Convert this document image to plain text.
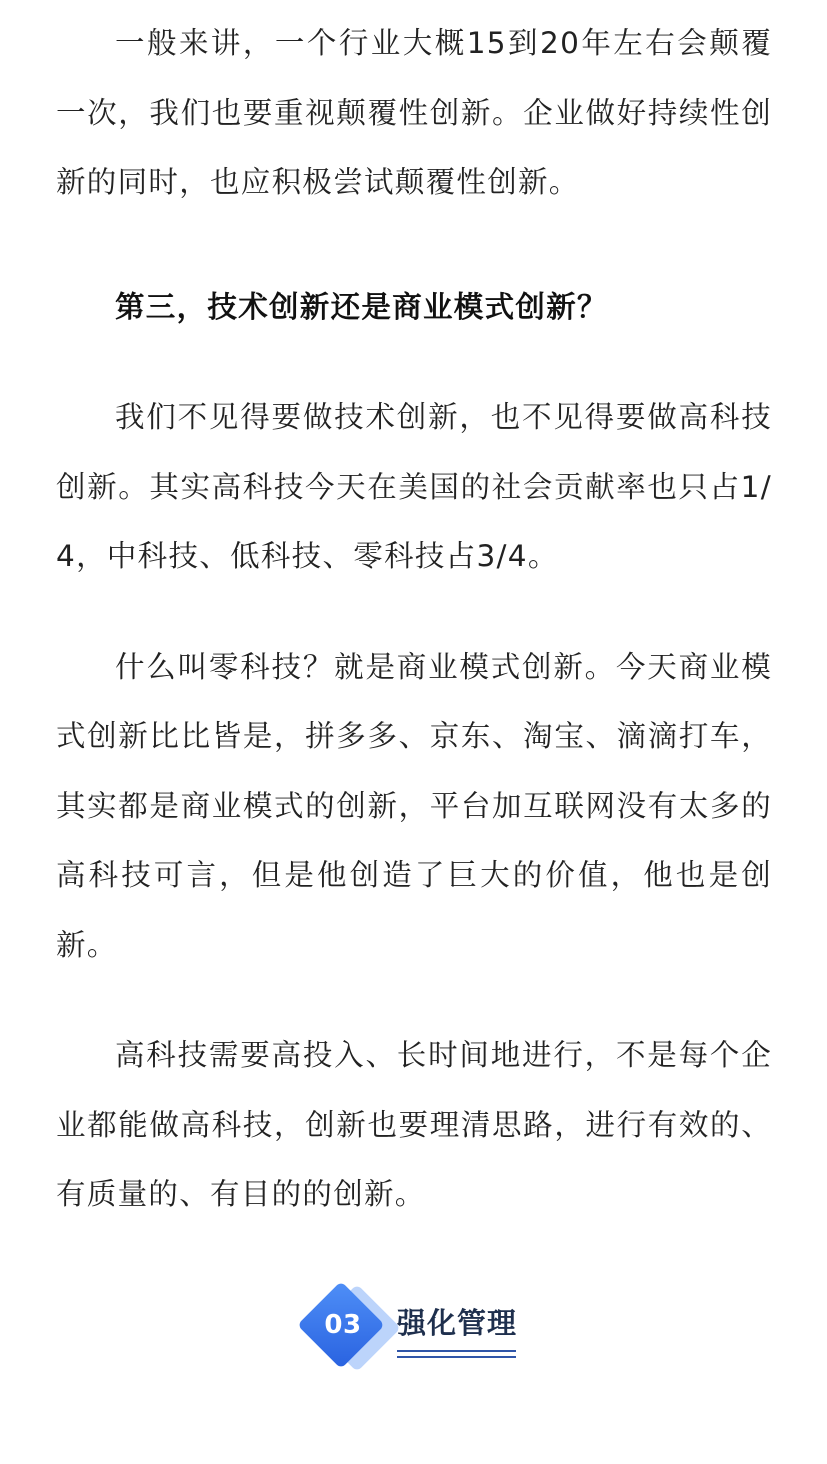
一般来讲，一个行业大概15到20年左右会颠覆一次，我们也要重视颠覆性创新。企业做好持续性创新的同时，也应积极尝试颠覆性创新。

第三，技术创新还是商业模式创新？

我们不见得要做技术创新，也不见得要做高科技创新。其实高科技今天在美国的社会贡献率也只占1/4，中科技、低科技、零科技占3/4。

什么叫零科技？就是商业模式创新。今天商业模式创新比比皆是，拼多多、京东、淘宝、滴滴打车，其实都是商业模式的创新，平台加互联网没有太多的高科技可言，但是他创造了巨大的价值，他也是创新。

高科技需要高投入、长时间地进行，不是每个企业都能做高科技，创新也要理清思路，进行有效的、有质量的、有目的的创新。

03	强化管理
